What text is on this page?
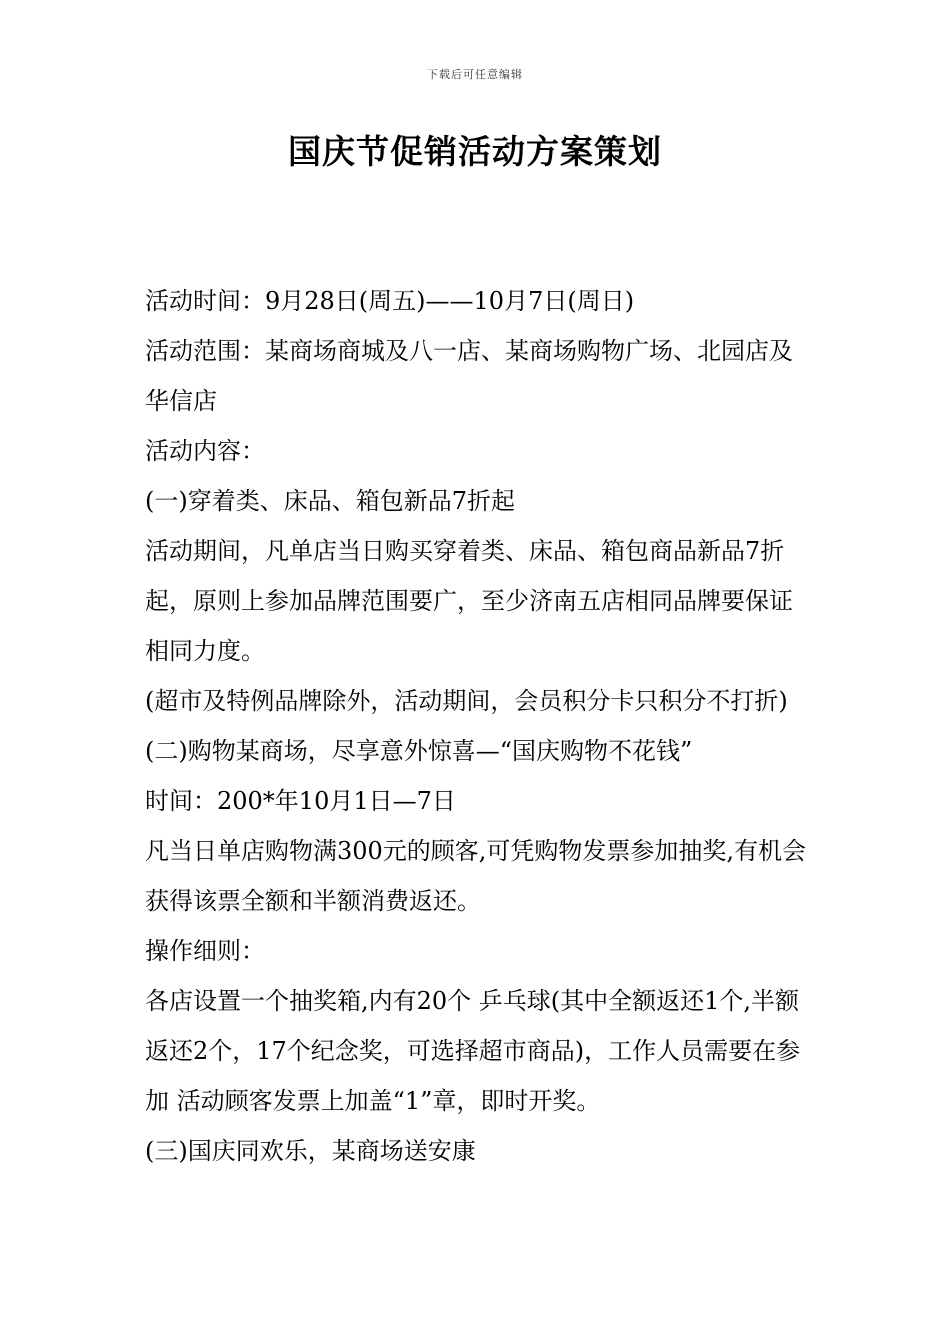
下载后可任意编辑
国庆节促销活动方案策划

活动时间：9月28日(周五)——10月7日(周日)

活动范围：某商场商城及八一店、某商场购物广场、北园店及华信店

活动内容：

(一)穿着类、床品、箱包新品7折起

活动期间，凡单店当日购买穿着类、床品、箱包商品新品7折起，原则上参加品牌范围要广，至少济南五店相同品牌要保证相同力度。

(超市及特例品牌除外，活动期间，会员积分卡只积分不打折)

(二)购物某商场，尽享意外惊喜—“国庆购物不花钱”

时间：200*年10月1日—7日

凡当日单店购物满300元的顾客,可凭购物发票参加抽奖,有机会获得该票全额和半额消费返还。

操作细则：

各店设置一个抽奖箱,内有20个 乒乓球(其中全额返还1个,半额返还2个，17个纪念奖，可选择超市商品)，工作人员需要在参加 活动顾客发票上加盖“1”章，即时开奖。

(三)国庆同欢乐，某商场送安康
